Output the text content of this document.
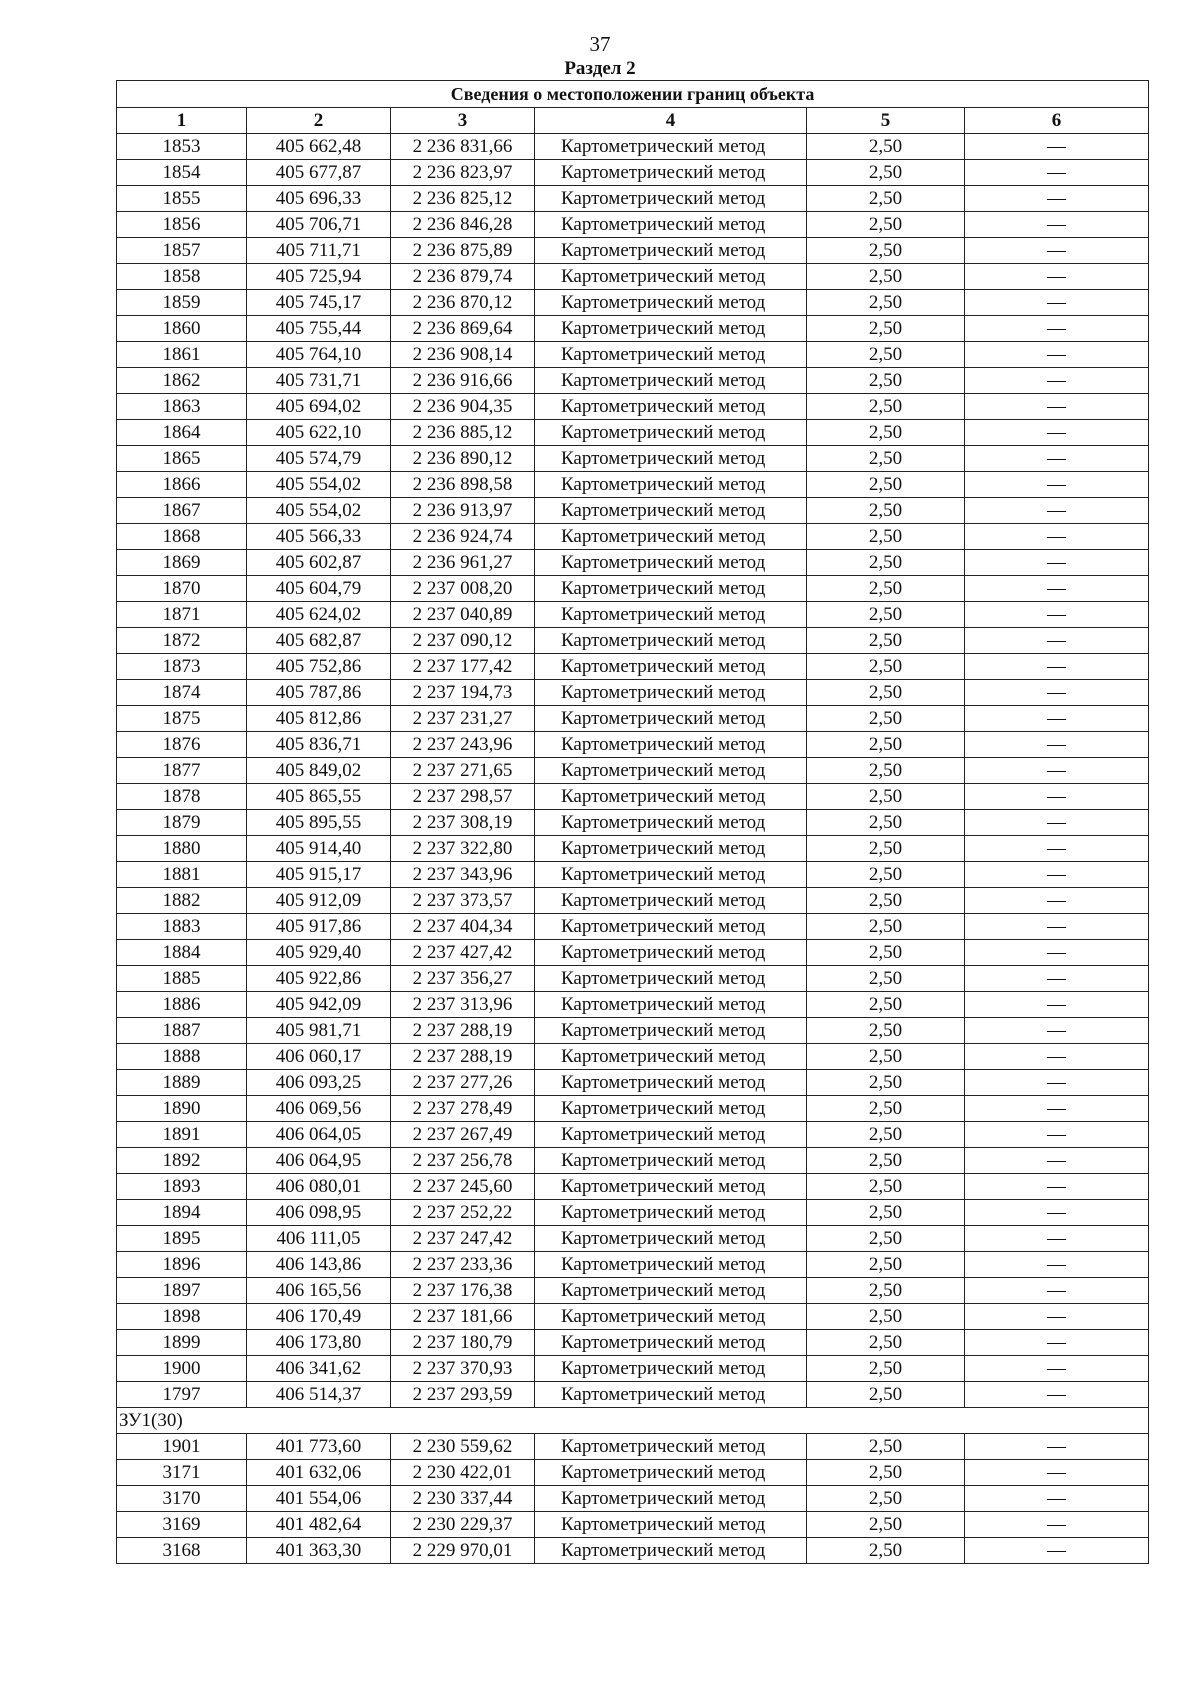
37
Раздел 2
Сведения о местоположении границ объекта					
1	2	3	4	5	6
1853	405 662,48	2 236 831,66	Картометрический метод	2,50	—
1854	405 677,87	2 236 823,97	Картометрический метод	2,50	—
1855	405 696,33	2 236 825,12	Картометрический метод	2,50	—
1856	405 706,71	2 236 846,28	Картометрический метод	2,50	—
1857	405 711,71	2 236 875,89	Картометрический метод	2,50	—
1858	405 725,94	2 236 879,74	Картометрический метод	2,50	—
1859	405 745,17	2 236 870,12	Картометрический метод	2,50	—
1860	405 755,44	2 236 869,64	Картометрический метод	2,50	—
1861	405 764,10	2 236 908,14	Картометрический метод	2,50	—
1862	405 731,71	2 236 916,66	Картометрический метод	2,50	—
1863	405 694,02	2 236 904,35	Картометрический метод	2,50	—
1864	405 622,10	2 236 885,12	Картометрический метод	2,50	—
1865	405 574,79	2 236 890,12	Картометрический метод	2,50	—
1866	405 554,02	2 236 898,58	Картометрический метод	2,50	—
1867	405 554,02	2 236 913,97	Картометрический метод	2,50	—
1868	405 566,33	2 236 924,74	Картометрический метод	2,50	—
1869	405 602,87	2 236 961,27	Картометрический метод	2,50	—
1870	405 604,79	2 237 008,20	Картометрический метод	2,50	—
1871	405 624,02	2 237 040,89	Картометрический метод	2,50	—
1872	405 682,87	2 237 090,12	Картометрический метод	2,50	—
1873	405 752,86	2 237 177,42	Картометрический метод	2,50	—
1874	405 787,86	2 237 194,73	Картометрический метод	2,50	—
1875	405 812,86	2 237 231,27	Картометрический метод	2,50	—
1876	405 836,71	2 237 243,96	Картометрический метод	2,50	—
1877	405 849,02	2 237 271,65	Картометрический метод	2,50	—
1878	405 865,55	2 237 298,57	Картометрический метод	2,50	—
1879	405 895,55	2 237 308,19	Картометрический метод	2,50	—
1880	405 914,40	2 237 322,80	Картометрический метод	2,50	—
1881	405 915,17	2 237 343,96	Картометрический метод	2,50	—
1882	405 912,09	2 237 373,57	Картометрический метод	2,50	—
1883	405 917,86	2 237 404,34	Картометрический метод	2,50	—
1884	405 929,40	2 237 427,42	Картометрический метод	2,50	—
1885	405 922,86	2 237 356,27	Картометрический метод	2,50	—
1886	405 942,09	2 237 313,96	Картометрический метод	2,50	—
1887	405 981,71	2 237 288,19	Картометрический метод	2,50	—
1888	406 060,17	2 237 288,19	Картометрический метод	2,50	—
1889	406 093,25	2 237 277,26	Картометрический метод	2,50	—
1890	406 069,56	2 237 278,49	Картометрический метод	2,50	—
1891	406 064,05	2 237 267,49	Картометрический метод	2,50	—
1892	406 064,95	2 237 256,78	Картометрический метод	2,50	—
1893	406 080,01	2 237 245,60	Картометрический метод	2,50	—
1894	406 098,95	2 237 252,22	Картометрический метод	2,50	—
1895	406 111,05	2 237 247,42	Картометрический метод	2,50	—
1896	406 143,86	2 237 233,36	Картометрический метод	2,50	—
1897	406 165,56	2 237 176,38	Картометрический метод	2,50	—
1898	406 170,49	2 237 181,66	Картометрический метод	2,50	—
1899	406 173,80	2 237 180,79	Картометрический метод	2,50	—
1900	406 341,62	2 237 370,93	Картометрический метод	2,50	—
1797	406 514,37	2 237 293,59	Картометрический метод	2,50	—
ЗУ1(30)					
1901	401 773,60	2 230 559,62	Картометрический метод	2,50	—
3171	401 632,06	2 230 422,01	Картометрический метод	2,50	—
3170	401 554,06	2 230 337,44	Картометрический метод	2,50	—
3169	401 482,64	2 230 229,37	Картометрический метод	2,50	—
3168	401 363,30	2 229 970,01	Картометрический метод	2,50	—
